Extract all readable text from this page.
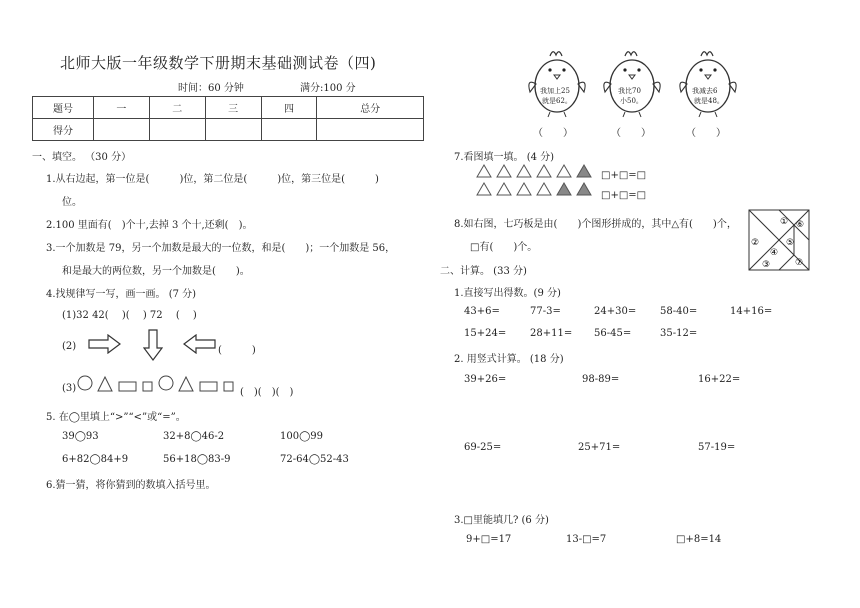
北师大版一年级数学下册期末基础测试卷（四)
时间：60 分钟	满分:100 分
题号	一	二	三	四	总分
得分					
一、填空。 （30 分）
1.从右边起，第一位是(　　　)位，第二位是(　　　)位，第三位是(　　　)
位。
2.100 里面有(　)个十,去掉 3 个十,还剩(　)。
3.一个加数是 79，另一个加数是最大的一位数，和是(　　)；一个加数是 56，
和是最大的两位数，另一个加数是(　　)。
4.找规律写一写，画一画。 (7 分)
(1)32 42(　 )(　 ) 72　 (　 )
(2)	(　　　)
(3)	(　)(　)(　)
5. 在◯里填上“>”“<”或“=”。
39◯93	32+8◯46-2	100◯99
6+82◯84+9	56+18◯83-9	72-64◯52-43
6.猜一猜，将你猜到的数填入括号里。
我加上25
就是62。
（　　）
我比70
小50。
（　　）
我减去6
就是48。
（　　）
7.看图填一填。 (4 分)
□+□=□
□+□=□
8.如右图，七巧板是由(　　)个图形拼成的，其中△有(　　)个，
□有(　　)个。
①
②
③
④
⑤
⑥
⑦
二、计算。 (33 分)
1.直接写出得数。(9 分)
43+6=	77-3=	24+30= 58-40=	14+16=
15+24= 28+11= 56-45=	35-12=
2. 用竖式计算。 (18 分)
39+26=	98-89=	16+22=
69-25=	25+71=	57-19=
3.□里能填几? (6 分)
9+□=17	13-□=7	□+8=14
